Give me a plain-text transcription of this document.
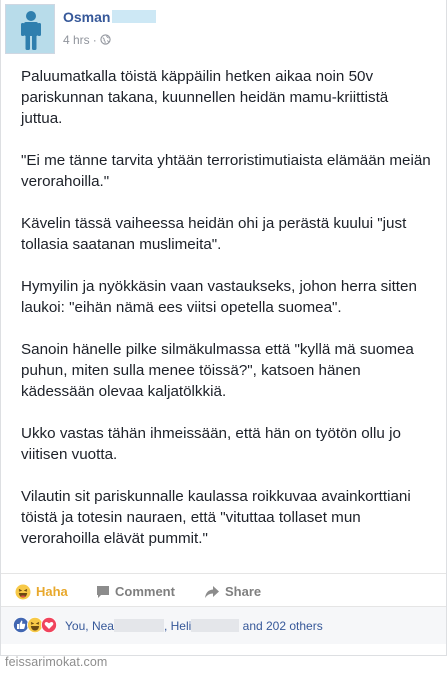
Osman
4 hrs ·

Paluumatkalla töistä käppäilin hetken aikaa noin 50v pariskunnan takana, kuunnellen heidän mamu-kriittistä juttua.

"Ei me tänne tarvita yhtään terroristimutiaista elämään meiän verorahoilla."

Kävelin tässä vaiheessa heidän ohi ja perästä kuului "just tollasia saatanan muslimeita".

Hymyilin ja nyökkäsin vaan vastaukseks, johon herra sitten laukoi: "eihän nämä ees viitsi opetella suomea".

Sanoin hänelle pilke silmäkulmassa että "kyllä mä suomea puhun, miten sulla menee töissä?", katsoen hänen kädessään olevaa kaljatölkkiä.

Ukko vastas tähän ihmeissään, että hän on työtön ollu jo viitisen vuotta.

Vilautin sit pariskunnalle kaulassa roikkuvaa avainkorttiani töistä ja totesin nauraen, että "vituttaa tollaset mun verorahoilla elävät pummit."

Haha	Comment	Share
You, Nea	, Heli	and 202 others
feissarimokat.com
